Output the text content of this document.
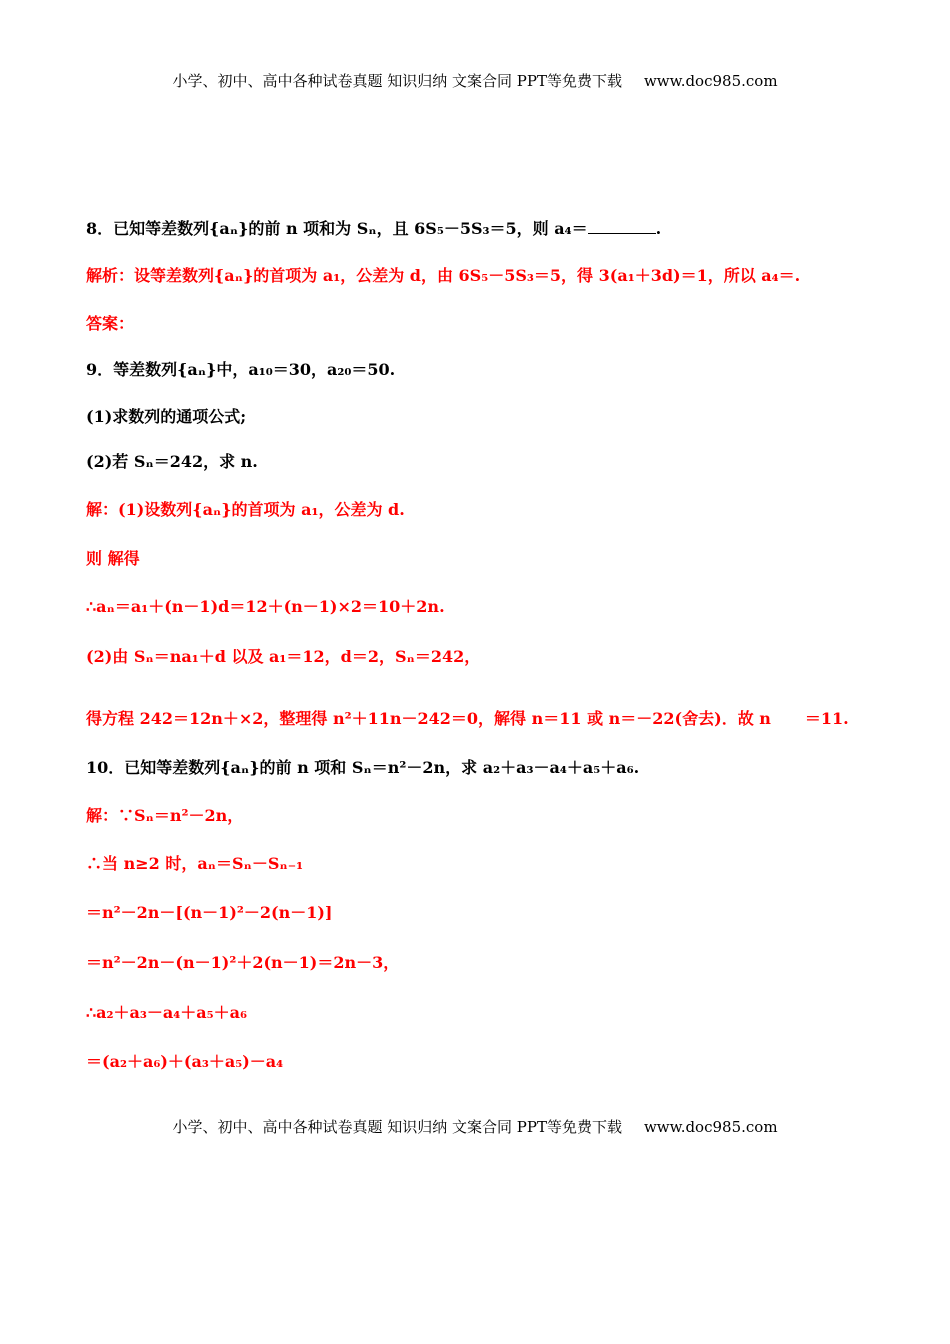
小学、初中、高中各种试卷真题 知识归纳 文案合同 PPT等免费下载 www.doc985.com
8．已知等差数列{aₙ}的前 n 项和为 Sₙ，且 6S₅－5S₃＝5，则 a₄＝	.
解析：设等差数列{aₙ}的首项为 a₁，公差为 d，由 6S₅－5S₃＝5，得 3(a₁＋3d)＝1，所以 a₄＝.
答案：
9．等差数列{aₙ}中，a₁₀＝30，a₂₀＝50.
(1)求数列的通项公式;
(2)若 Sₙ＝242，求 n.
解：(1)设数列{aₙ}的首项为 a₁，公差为 d.
则 解得
∴aₙ＝a₁＋(n－1)d＝12＋(n－1)×2＝10＋2n.
(2)由 Sₙ＝na₁＋d 以及 a₁＝12，d＝2，Sₙ＝242，
得方程 242＝12n＋×2，整理得 n²＋11n－242＝0，解得 n＝11 或 n＝－22(舍去)．故 n ＝11.
10．已知等差数列{aₙ}的前 n 项和 Sₙ＝n²－2n，求 a₂＋a₃－a₄＋a₅＋a₆.
解：∵Sₙ＝n²－2n，
∴当 n≥2 时，aₙ＝Sₙ－Sₙ₋₁
＝n²－2n－[(n－1)²－2(n－1)]
＝n²－2n－(n－1)²＋2(n－1)＝2n－3，
∴a₂＋a₃－a₄＋a₅＋a₆
＝(a₂＋a₆)＋(a₃＋a₅)－a₄
小学、初中、高中各种试卷真题 知识归纳 文案合同 PPT等免费下载 www.doc985.com
